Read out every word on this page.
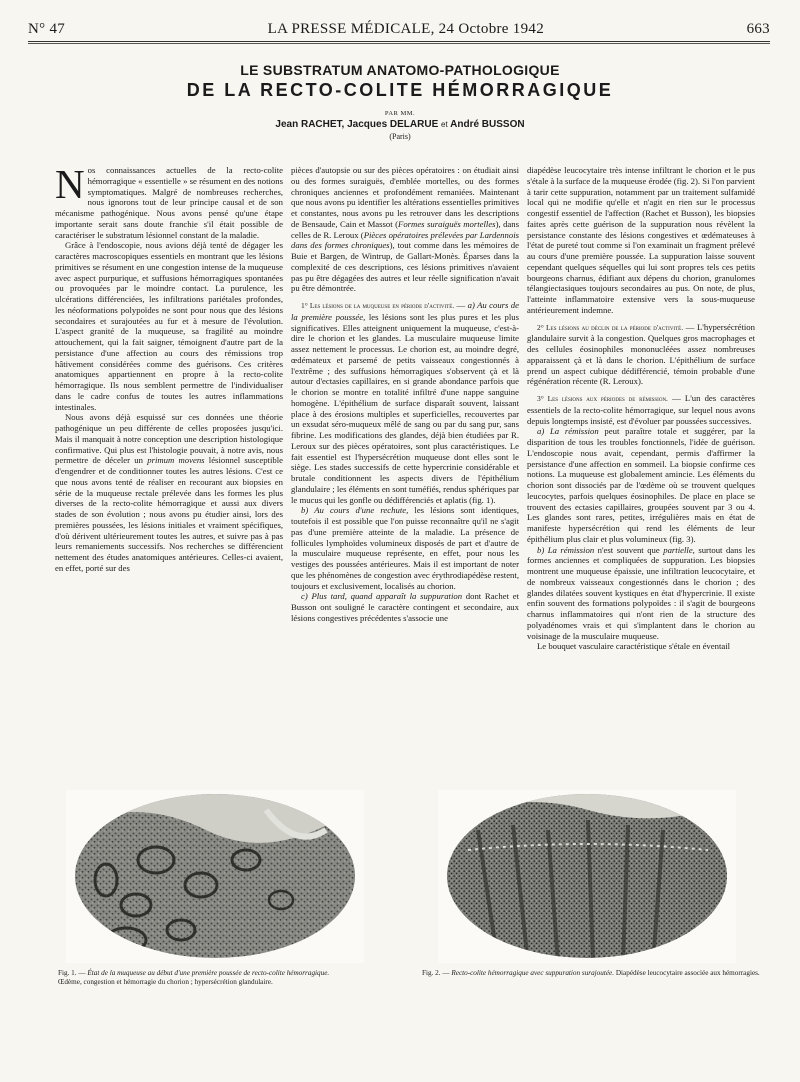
N° 47	LA PRESSE MÉDICALE, 24 Octobre 1942	663
LE SUBSTRATUM ANATOMO-PATHOLOGIQUE
DE LA RECTO-COLITE HÉMORRAGIQUE
PAR MM.
Jean RACHET, Jacques DELARUE et André BUSSON
(Paris)

Nos connaissances actuelles de la recto-colite hémorragique « essentielle » se résument en des notions symptomatiques. Malgré de nombreuses recherches, nous ignorons tout de leur principe causal et de son mécanisme pathogénique. Nous avons pensé qu'une étape importante serait sans doute franchie s'il était possible de caractériser le substratum lésionnel constant de la maladie.

Grâce à l'endoscopie, nous avions déjà tenté de dégager les caractères macroscopiques essentiels en montrant que les lésions primitives se résument en une congestion intense de la muqueuse avec aspect purpurique, et suffusions hémorragiques spontanées ou provoquées par le moindre contact. La purulence, les ulcérations différenciées, les infiltrations pariétales profondes, les néoformations polypoïdes ne sont pour nous que des lésions secondaires et surajoutées au fur et à mesure de l'évolution. L'aspect granité de la muqueuse, sa fragilité au moindre attouchement, qui la fait saigner, témoignent d'autre part de la persistance d'une affection au cours des rémissions trop hâtivement considérées comme des guérisons. Ces critères anatomiques appartiennent en propre à la recto-colite hémorragique. Ils nous semblent permettre de l'individualiser dans le cadre confus de toutes les autres inflammations intestinales.

Nous avons déjà esquissé sur ces données une théorie pathogénique un peu différente de celles proposées jusqu'ici. Mais il manquait à notre conception une description histologique confirmative. Qui plus est l'histologie pouvait, à notre avis, nous permettre de déceler un primum movens lésionnel susceptible d'engendrer et de conditionner toutes les autres lésions. C'est ce que nous avons tenté de réaliser en recourant aux biopsies en série de la muqueuse rectale prélevée dans les formes les plus diverses de la recto-colite hémorragique et aussi aux divers stades de son évolution ; nous avons pu étudier ainsi, lors des premières poussées, les lésions initiales et vraiment spécifiques, d'où dérivent ultérieurement toutes les autres, et suivre pas à pas leurs remaniements successifs. Nos recherches se différencient nettement des études anatomiques antérieures. Celles-ci avaient, en effet, porté sur des

pièces d'autopsie ou sur des pièces opératoires : on étudiait ainsi ou des formes suraiguës, d'emblée mortelles, ou des formes chroniques anciennes et profondément remaniées. Maintenant que nous avons pu identifier les altérations essentielles primitives et constantes, nous avons pu les retrouver dans les descriptions de Bensaude, Cain et Massot (Formes suraiguës mortelles), dans celles de R. Leroux (Pièces opératoires prélevées par Lardennois dans des formes chroniques), tout comme dans les mémoires de Buie et Bargen, de Wintrup, de Gallart-Monès. Éparses dans la complexité de ces descriptions, ces lésions primitives n'avaient pas pu être dégagées des autres et leur réelle signification n'avait pu être démontrée.

1° Les lésions de la muqueuse en période d'activité. — a) Au cours de la première poussée, les lésions sont les plus pures et les plus significatives. Elles atteignent uniquement la muqueuse, c'est-à-dire le chorion et les glandes. La musculaire muqueuse limite assez nettement le processus. Le chorion est, au moindre degré, œdémateux et parsemé de petits vaisseaux congestionnés à l'extrême ; des suffusions hémorragiques s'observent çà et là autour d'ectasies capillaires, en si grande abondance parfois que le chorion se montre en totalité infiltré d'une nappe sanguine homogène. L'épithélium de surface disparaît souvent, laissant place à des érosions multiples et superficielles, recouvertes par un exsudat séro-muqueux mêlé de sang ou par du sang pur, sans fibrine. Les modifications des glandes, déjà bien étudiées par R. Leroux sur des pièces opératoires, sont plus caractéristiques. Le fait essentiel est l'hypersécrétion muqueuse dont elles sont le siège. Les stades successifs de cette hypercrinie considérable et brutale conditionnent les aspects divers de l'épithélium glandulaire ; les éléments en sont tuméfiés, rendus sphériques par le mucus qui les gonfle ou dédifférenciés et aplatis (fig. 1).

b) Au cours d'une rechute, les lésions sont identiques, toutefois il est possible que l'on puisse reconnaître qu'il ne s'agit pas d'une première atteinte de la maladie. La présence de follicules lymphoïdes volumineux disposés de part et d'autre de la musculaire muqueuse représente, en effet, pour nous les vestiges des poussées antérieures. Mais il est important de noter que les phénomènes de congestion avec érythrodiapédèse restent, toujours et exclusivement, localisés au chorion.

c) Plus tard, quand apparaît la suppuration dont Rachet et Busson ont souligné le caractère contingent et secondaire, aux lésions congestives précédentes s'associe une

diapédèse leucocytaire très intense infiltrant le chorion et le pus s'étale à la surface de la muqueuse érodée (fig. 2). Si l'on parvient à tarir cette suppuration, notamment par un traitement sulfamidé local qui ne modifie qu'elle et n'agit en rien sur le processus congestif essentiel de l'affection (Rachet et Busson), les biopsies faites après cette guérison de la suppuration nous révèlent la persistance constante des lésions congestives et œdémateuses à l'état de pureté tout comme si l'on examinait un fragment prélevé au cours d'une première poussée. La suppuration laisse souvent cependant quelques séquelles qui lui sont propres tels ces petits bourgeons charnus, édifiant aux dépens du chorion, granulomes télangiectasiques toujours secondaires au pus. On note, de plus, l'atteinte inflammatoire extensive vers la sous-muqueuse antérieurement indemne.

2° Les lésions au déclin de la période d'activité. — L'hypersécrétion glandulaire survit à la congestion. Quelques gros macrophages et des cellules éosinophiles mononucléées assez nombreuses apparaissent çà et là dans le chorion. L'épithélium de surface prend un aspect cubique dédifférencié, témoin probable d'une régénération récente (R. Leroux).

3° Les lésions aux périodes de rémission. — L'un des caractères essentiels de la recto-colite hémorragique, sur lequel nous avons depuis longtemps insisté, est d'évoluer par poussées successives.

a) La rémission peut paraître totale et suggérer, par la disparition de tous les troubles fonctionnels, l'idée de guérison. L'endoscopie nous avait, cependant, permis d'affirmer la persistance d'une affection en sommeil. La biopsie confirme ces notions. La muqueuse est globalement amincie. Les éléments du chorion sont dissociés par de l'œdème où se trouvent quelques leucocytes, parfois quelques éosinophiles. De place en place se trouvent des ectasies capillaires, groupées souvent par 3 ou 4. Les glandes sont rares, petites, irrégulières mais en état de manifeste hypersécrétion qui rend les éléments de leur épithélium plus clair et plus volumineux (fig. 3).

b) La rémission n'est souvent que partielle, surtout dans les formes anciennes et compliquées de suppuration. Les biopsies montrent une muqueuse épaissie, une infiltration leucocytaire, et de nombreux vaisseaux congestionnés dans le chorion ; des glandes dilatées souvent kystiques en état d'hypercrinie. Il existe enfin souvent des formations polypoïdes : il s'agit de bourgeons charnus inflammatoires qui n'ont rien de la structure des polyadénomes vrais et qui s'implantent dans le chorion au voisinage de la musculaire muqueuse.

Le bouquet vasculaire caractéristique s'étale en éventail

Fig. 1. — État de la muqueuse au début d'une première poussée de recto-colite hémorragique.
Œdème, congestion et hémorragie du chorion ; hypersécrétion glandulaire.
Fig. 2. — Recto-colite hémorragique avec suppuration surajoutée. Diapédèse leucocytaire associée aux hémorragies.
